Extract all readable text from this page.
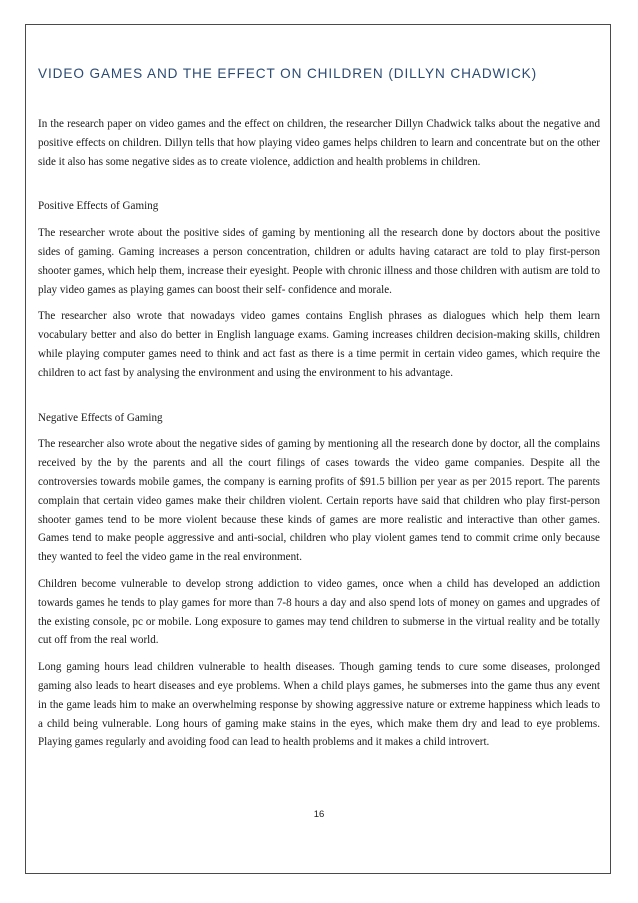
VIDEO GAMES AND THE EFFECT ON CHILDREN (DILLYN CHADWICK)

In the research paper on video games and the effect on children, the researcher Dillyn Chadwick talks about the negative and positive effects on children. Dillyn tells that how playing video games helps children to learn and concentrate but on the other side it also has some negative sides as to create violence, addiction and health problems in children.

Positive Effects of Gaming

The researcher wrote about the positive sides of gaming by mentioning all the research done by doctors about the positive sides of gaming. Gaming increases a person concentration, children or adults having cataract are told to play first-person shooter games, which help them, increase their eyesight. People with chronic illness and those children with autism are told to play video games as playing games can boost their self- confidence and morale.

The researcher also wrote that nowadays video games contains English phrases as dialogues which help them learn vocabulary better and also do better in English language exams. Gaming increases children decision-making skills, children while playing computer games need to think and act fast as there is a time permit in certain video games, which require the children to act fast by analysing the environment and using the environment to his advantage.

Negative Effects of Gaming

The researcher also wrote about the negative sides of gaming by mentioning all the research done by doctor, all the complains received by the by the parents and all the court filings of cases towards the video game companies. Despite all the controversies towards mobile games, the company is earning profits of $91.5 billion per year as per 2015 report. The parents complain that certain video games make their children violent. Certain reports have said that children who play first-person shooter games tend to be more violent because these kinds of games are more realistic and interactive than other games. Games tend to make people aggressive and anti-social, children who play violent games tend to commit crime only because they wanted to feel the video game in the real environment.

Children become vulnerable to develop strong addiction to video games, once when a child has developed an addiction towards games he tends to play games for more than 7-8 hours a day and also spend lots of money on games and upgrades of the existing console, pc or mobile. Long exposure to games may tend children to submerse in the virtual reality and be totally cut off from the real world.

Long gaming hours lead children vulnerable to health diseases. Though gaming tends to cure some diseases, prolonged gaming also leads to heart diseases and eye problems. When a child plays games, he submerses into the game thus any event in the game leads him to make an overwhelming response by showing aggressive nature or extreme happiness which leads to a child being vulnerable. Long hours of gaming make stains in the eyes, which make them dry and lead to eye problems. Playing games regularly and avoiding food can lead to health problems and it makes a child introvert.

16
